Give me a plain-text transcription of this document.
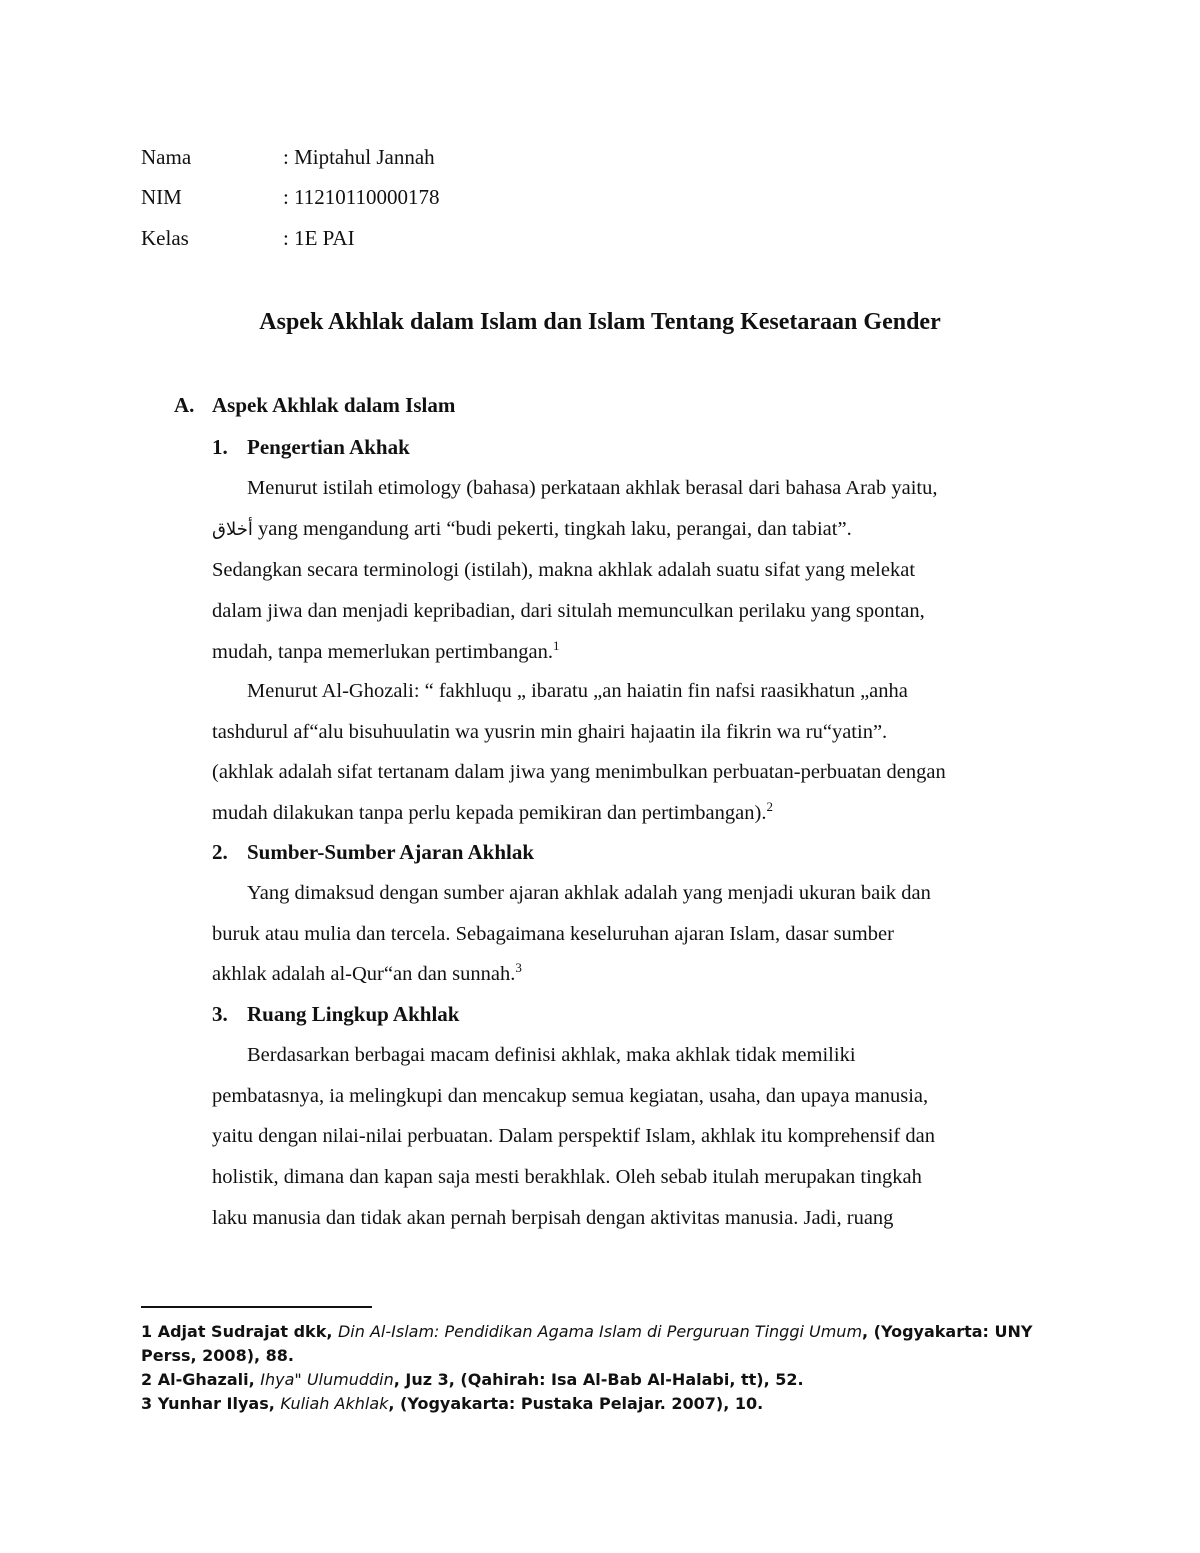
Nama	: Miptahul Jannah
NIM	: 11210110000178
Kelas	: 1E PAI
Aspek Akhlak dalam Islam dan Islam Tentang Kesetaraan Gender
A. Aspek Akhlak dalam Islam
1. Pengertian Akhak
Menurut istilah etimology (bahasa) perkataan akhlak berasal dari bahasa Arab yaitu,
أخلاق yang mengandung arti “budi pekerti, tingkah laku, perangai, dan tabiat”.
Sedangkan secara terminologi (istilah), makna akhlak adalah suatu sifat yang melekat
dalam jiwa dan menjadi kepribadian, dari situlah memunculkan perilaku yang spontan,
mudah, tanpa memerlukan pertimbangan.$^1$
Menurut Al-Ghozali: “ fakhluqu „ ibaratu „an haiatin fin nafsi raasikhatun „anha
tashdurul af“alu bisuhuulatin wa yusrin min ghairi hajaatin ila fikrin wa ru“yatin”.
(akhlak adalah sifat tertanam dalam jiwa yang menimbulkan perbuatan-perbuatan dengan
mudah dilakukan tanpa perlu kepada pemikiran dan pertimbangan).$^2$
2. Sumber-Sumber Ajaran Akhlak
Yang dimaksud dengan sumber ajaran akhlak adalah yang menjadi ukuran baik dan
buruk atau mulia dan tercela. Sebagaimana keseluruhan ajaran Islam, dasar sumber
akhlak adalah al-Qur“an dan sunnah.$^3$
3. Ruang Lingkup Akhlak
Berdasarkan berbagai macam definisi akhlak, maka akhlak tidak memiliki
pembatasnya, ia melingkupi dan mencakup semua kegiatan, usaha, dan upaya manusia,
yaitu dengan nilai-nilai perbuatan. Dalam perspektif Islam, akhlak itu komprehensif dan
holistik, dimana dan kapan saja mesti berakhlak. Oleh sebab itulah merupakan tingkah
laku manusia dan tidak akan pernah berpisah dengan aktivitas manusia. Jadi, ruang
1 Adjat Sudrajat dkk, Din Al-Islam: Pendidikan Agama Islam di Perguruan Tinggi Umum, (Yogyakarta: UNY Perss, 2008), 88.
2 Al-Ghazali, Ihya" Ulumuddin, Juz 3, (Qahirah: Isa Al-Bab Al-Halabi, tt), 52.
3 Yunhar Ilyas, Kuliah Akhlak, (Yogyakarta: Pustaka Pelajar. 2007), 10.
